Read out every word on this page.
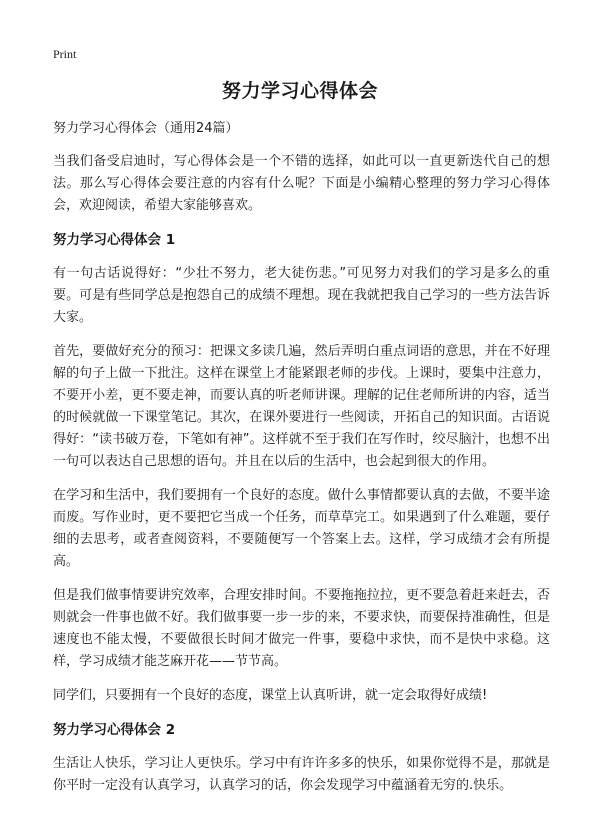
Print
努力学习心得体会
努力学习心得体会（通用24篇）

当我们备受启迪时，写心得体会是一个不错的选择，如此可以一直更新迭代自己的想法。那么写心得体会要注意的内容有什么呢？下面是小编精心整理的努力学习心得体会，欢迎阅读，希望大家能够喜欢。

努力学习心得体会 1

有一句古话说得好：“少壮不努力，老大徒伤悲。”可见努力对我们的学习是多么的重要。可是有些同学总是抱怨自己的成绩不理想。现在我就把我自己学习的一些方法告诉大家。

首先，要做好充分的预习：把课文多读几遍，然后弄明白重点词语的意思，并在不好理解的句子上做一下批注。这样在课堂上才能紧跟老师的步伐。上课时，要集中注意力，不要开小差，更不要走神，而要认真的听老师讲课。理解的记住老师所讲的内容，适当的时候就做一下课堂笔记。其次，在课外要进行一些阅读，开拓自己的知识面。古语说得好：“读书破万卷，下笔如有神”。这样就不至于我们在写作时，绞尽脑汁，也想不出一句可以表达自己思想的语句。并且在以后的生活中，也会起到很大的作用。

在学习和生活中，我们要拥有一个良好的态度。做什么事情都要认真的去做，不要半途而废。写作业时，更不要把它当成一个任务，而草草完工。如果遇到了什么难题，要仔细的去思考，或者查阅资料，不要随便写一个答案上去。这样，学习成绩才会有所提高。

但是我们做事情要讲究效率，合理安排时间。不要拖拖拉拉，更不要急着赶来赶去，否则就会一件事也做不好。我们做事要一步一步的来，不要求快，而要保持准确性，但是速度也不能太慢，不要做很长时间才做完一件事，要稳中求快，而不是快中求稳。这样，学习成绩才能芝麻开花——节节高。

同学们，只要拥有一个良好的态度，课堂上认真听讲，就一定会取得好成绩!

努力学习心得体会 2

生活让人快乐，学习让人更快乐。学习中有许许多多的快乐，如果你觉得不是，那就是你平时一定没有认真学习，认真学习的话，你会发现学习中蕴涵着无穷的.快乐。
